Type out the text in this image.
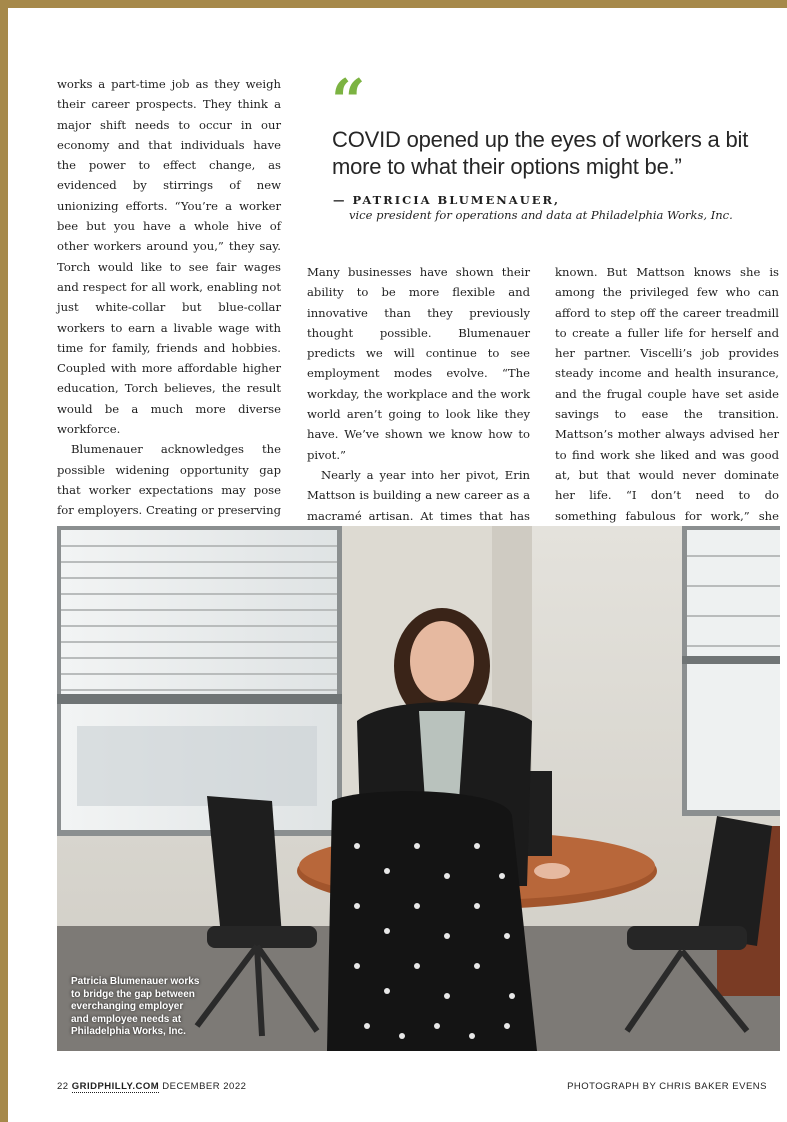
works a part-time job as they weigh their career prospects. They think a major shift needs to occur in our economy and that individuals have the power to effect change, as evidenced by stirrings of new unionizing efforts. “You’re a worker bee but you have a whole hive of other workers around you,” they say. Torch would like to see fair wages and respect for all work, enabling not just white-collar but blue-collar workers to earn a livable wage with time for family, friends and hobbies. Coupled with more affordable higher education, Torch believes, the result would be a much more diverse workforce.

Blumenauer acknowledges the possible widening opportunity gap that worker expectations may pose for employers. Creating or preserving

“
COVID opened up the eyes of workers a bit more to what their options might be.”
— PATRICIA BLUMENAUER,
vice president for operations and data at Philadelphia Works, Inc.

Many businesses have shown their ability to be more flexible and innovative than they previously thought possible. Blumenauer predicts we will continue to see employment modes evolve. “The workday, the workplace and the work world aren’t going to look like they have. We’ve shown we know how to pivot.”

Nearly a year into her pivot, Erin Mattson is building a new career as a macramé artisan. At times that has

known. But Mattson knows she is among the privileged few who can afford to step off the career treadmill to create a fuller life for herself and her partner. Viscelli’s job provides steady income and health insurance, and the frugal couple have set aside savings to ease the transition. Mattson’s mother always advised her to find work she liked and was good at, but that would never dominate her life. “I don’t need to do something fabulous for work,” she

Patricia Blumenauer works to bridge the gap between everchanging employer and employee needs at Philadelphia Works, Inc.
22 GRIDPHILLY.COM DECEMBER 2022	PHOTOGRAPH BY CHRIS BAKER EVENS
